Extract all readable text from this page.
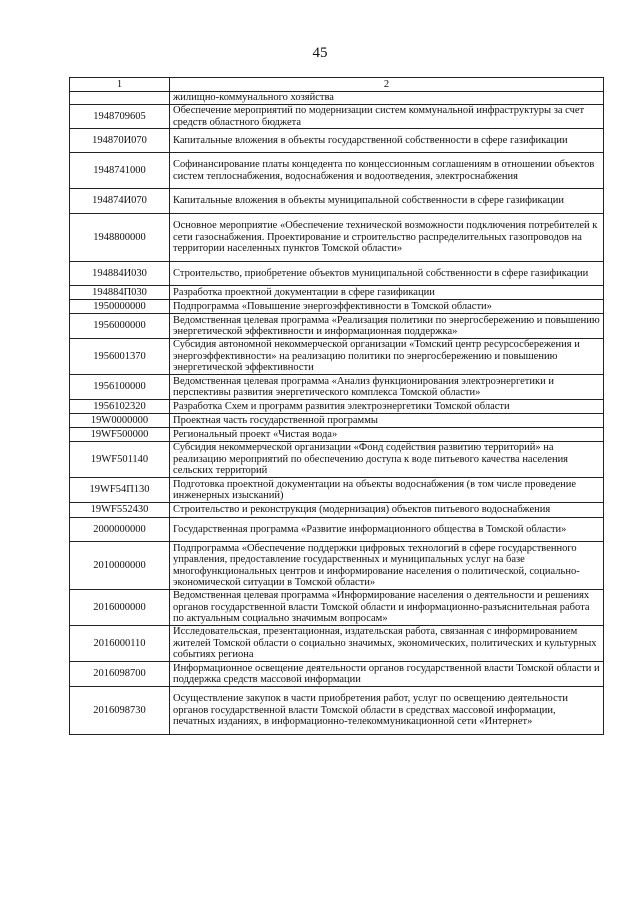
45
1	2
	жилищно-коммунального хозяйства
1948709605	Обеспечение мероприятий по модернизации систем коммунальной инфраструктуры за счет средств областного бюджета
194870И070	Капитальные вложения в объекты государственной собственности в сфере газификации
1948741000	Софинансирование платы концедента по концессионным соглашениям в отношении объектов систем теплоснабжения, водоснабжения и водоотведения, электроснабжения
194874И070	Капитальные вложения в объекты муниципальной собственности в сфере газификации
1948800000	Основное мероприятие «Обеспечение технической возможности подключения потребителей к сети газоснабжения. Проектирование и строительство распределительных газопроводов на территории населенных пунктов Томской области»
194884И030	Строительство, приобретение объектов муниципальной собственности в сфере газификации
194884П030	Разработка проектной документации в сфере газификации
1950000000	Подпрограмма «Повышение энергоэффективности в Томской области»
1956000000	Ведомственная целевая программа «Реализация политики по энергосбережению и повышению энергетической эффективности и информационная поддержка»
1956001370	Субсидия автономной некоммерческой организации «Томский центр ресурсосбережения и энергоэффективности» на реализацию политики по энергосбережению и повышению энергетической эффективности
1956100000	Ведомственная целевая программа «Анализ функционирования электроэнергетики и перспективы развития энергетического комплекса Томской области»
1956102320	Разработка Схем и программ развития электроэнергетики Томской области
19W0000000	Проектная часть государственной программы
19WF500000	Региональный проект «Чистая вода»
19WF501140	Субсидия некоммерческой организации «Фонд содействия развитию территорий» на реализацию мероприятий по обеспечению доступа к воде питьевого качества населения сельских территорий
19WF54П130	Подготовка проектной документации на объекты водоснабжения (в том числе проведение инженерных изысканий)
19WF552430	Строительство и реконструкция (модернизация) объектов питьевого водоснабжения
2000000000	Государственная программа «Развитие информационного общества в Томской области»
2010000000	Подпрограмма «Обеспечение поддержки цифровых технологий в сфере государственного управления, предоставление государственных и муниципальных услуг на базе многофункциональных центров и информирование населения о политической, социально-экономической ситуации в Томской области»
2016000000	Ведомственная целевая программа «Информирование населения о деятельности и решениях органов государственной власти Томской области и информационно-разъяснительная работа по актуальным социально значимым вопросам»
2016000110	Исследовательская, презентационная, издательская работа, связанная с информированием жителей Томской области о социально значимых, экономических, политических и культурных событиях региона
2016098700	Информационное освещение деятельности органов государственной власти Томской области и поддержка средств массовой информации
2016098730	Осуществление закупок в части приобретения работ, услуг по освещению деятельности органов государственной власти Томской области в средствах массовой информации, печатных изданиях, в информационно-телекоммуникационной сети «Интернет»
